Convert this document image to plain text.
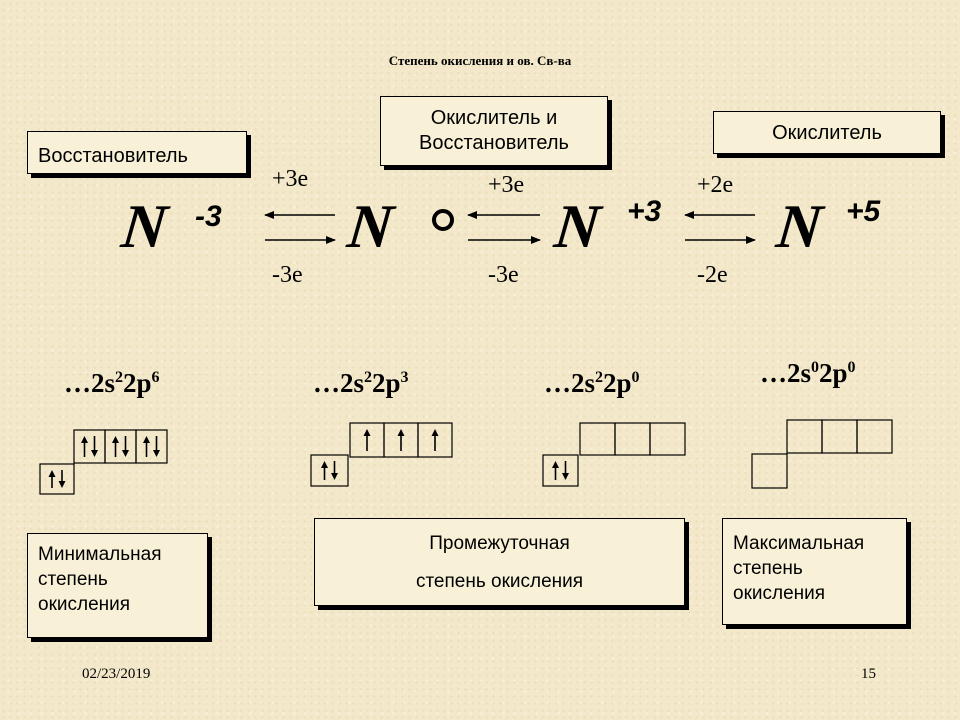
Степень окисления и ов. Св-ва
Восстановитель
Окислитель и
Восстановитель	Окислитель
N -3 N	N +3 N +5
+3e
-3e
+3e
-3e
+2e
-2e
$\dots 2s^22p^6$	$\dots 2s^22p^3$	$\dots 2s^22p^0$	$\dots 2s^02p^0$
Минимальная
степень
окисления
Промежуточная
степень окисления
Максимальная
степень
окисления
02/23/2019	15
